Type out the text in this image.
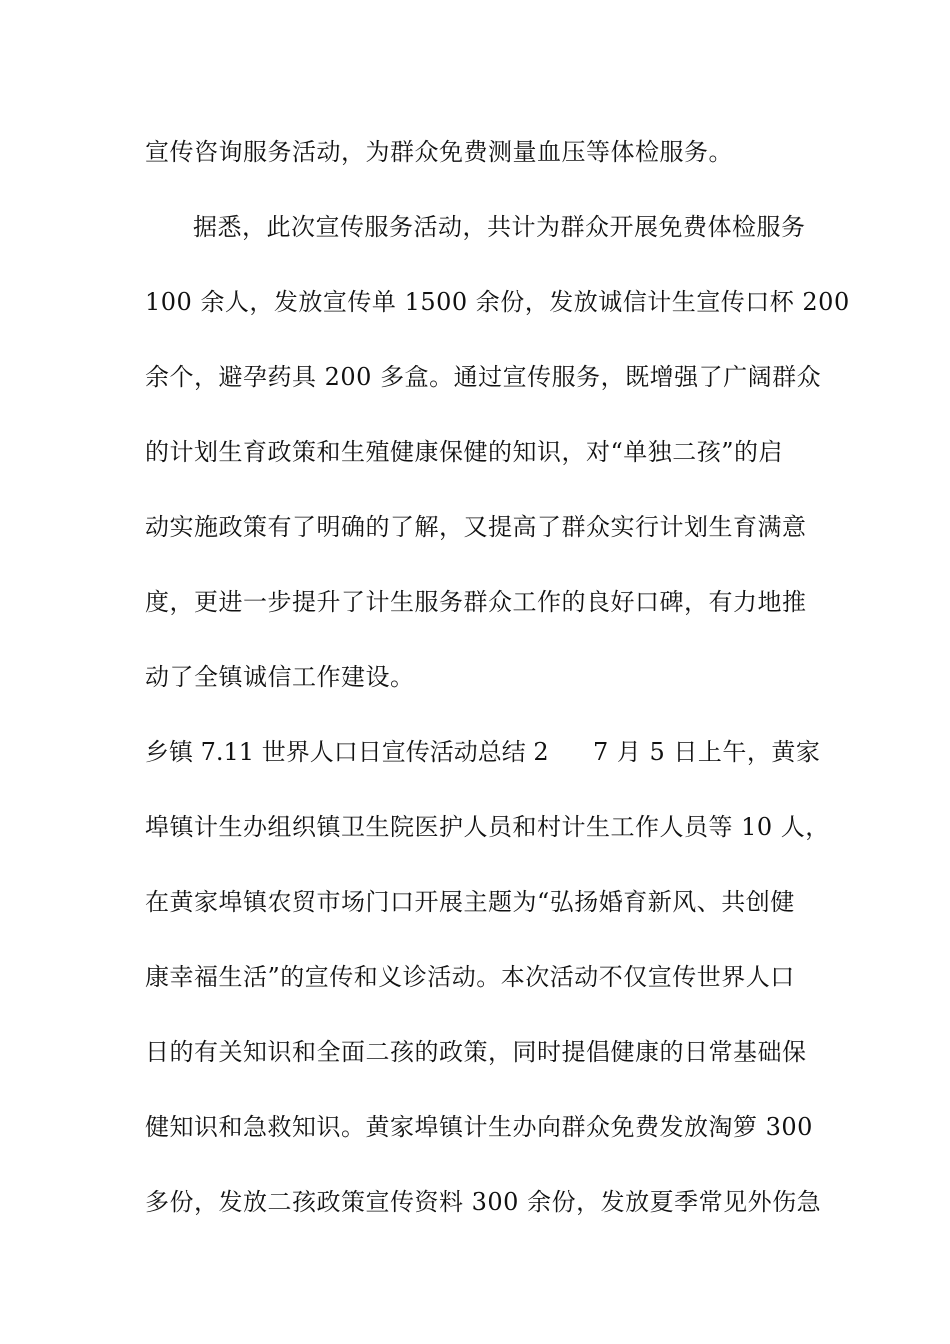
宣传咨询服务活动，为群众免费测量血压等体检服务。
据悉，此次宣传服务活动，共计为群众开展免费体检服务
100 余人，发放宣传单 1500 余份，发放诚信计生宣传口杯 200
余个，避孕药具 200 多盒。通过宣传服务，既增强了广阔群众
的计划生育政策和生殖健康保健的知识，对“单独二孩”的启
动实施政策有了明确的了解，又提高了群众实行计划生育满意
度，更进一步提升了计生服务群众工作的良好口碑，有力地推
动了全镇诚信工作建设。
乡镇 7.11 世界人口日宣传活动总结 2 7 月 5 日上午，黄家
埠镇计生办组织镇卫生院医护人员和村计生工作人员等 10 人，
在黄家埠镇农贸市场门口开展主题为“弘扬婚育新风、共创健
康幸福生活”的宣传和义诊活动。本次活动不仅宣传世界人口
日的有关知识和全面二孩的政策，同时提倡健康的日常基础保
健知识和急救知识。黄家埠镇计生办向群众免费发放淘箩 300
多份，发放二孩政策宣传资料 300 余份，发放夏季常见外伤急
